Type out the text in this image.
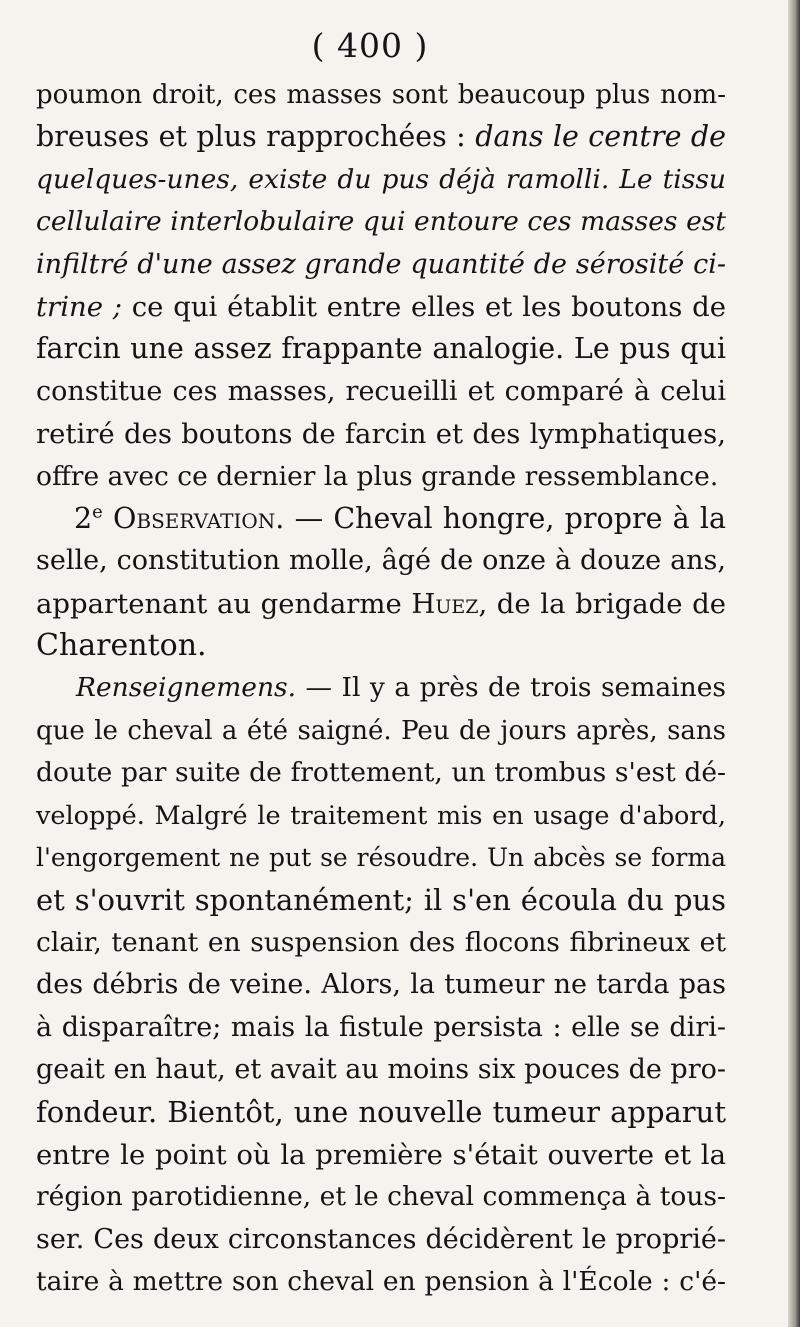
( 400 )
poumon droit, ces masses sont beaucoup plus nom-
breuses et plus rapprochées : dans le centre de
quelques-unes, existe du pus déjà ramolli. Le tissu
cellulaire interlobulaire qui entoure ces masses est
infiltré d'une assez grande quantité de sérosité ci-
trine ; ce qui établit entre elles et les boutons de
farcin une assez frappante analogie. Le pus qui
constitue ces masses, recueilli et comparé à celui
retiré des boutons de farcin et des lymphatiques,
offre avec ce dernier la plus grande ressemblance.
2e Observation. — Cheval hongre, propre à la
selle, constitution molle, âgé de onze à douze ans,
appartenant au gendarme Huez, de la brigade de
Charenton.
Renseignemens. — Il y a près de trois semaines
que le cheval a été saigné. Peu de jours après, sans
doute par suite de frottement, un trombus s'est dé-
veloppé. Malgré le traitement mis en usage d'abord,
l'engorgement ne put se résoudre. Un abcès se forma
et s'ouvrit spontanément; il s'en écoula du pus
clair, tenant en suspension des flocons fibrineux et
des débris de veine. Alors, la tumeur ne tarda pas
à disparaître; mais la fistule persista : elle se diri-
geait en haut, et avait au moins six pouces de pro-
fondeur. Bientôt, une nouvelle tumeur apparut
entre le point où la première s'était ouverte et la
région parotidienne, et le cheval commença à tous-
ser. Ces deux circonstances décidèrent le proprié-
taire à mettre son cheval en pension à l'École : c'é-
